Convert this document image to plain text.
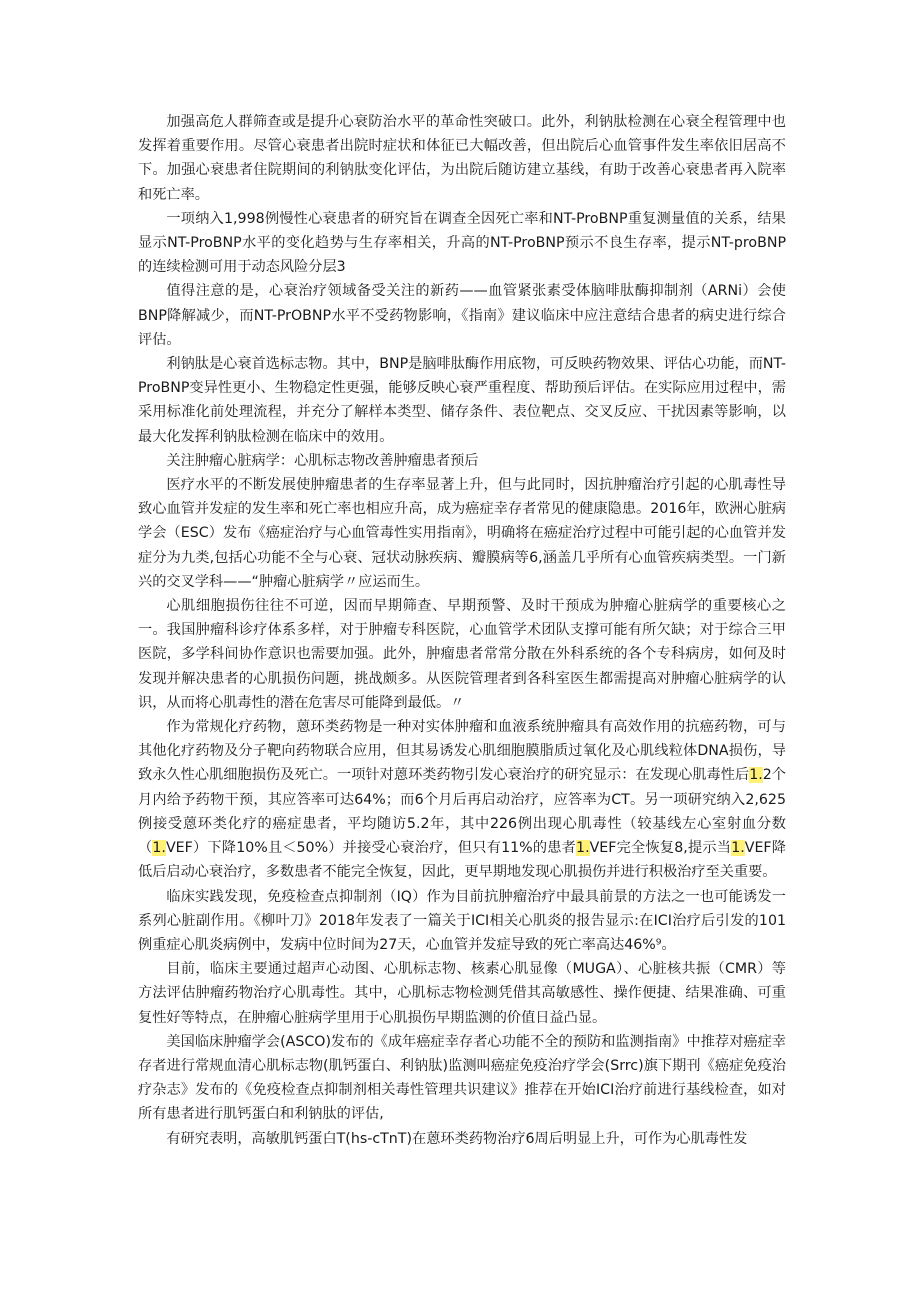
加强高危人群筛查或是提升心衰防治水平的革命性突破口。此外，利钠肽检测在心衰全程管理中也发挥着重要作用。尽管心衰患者出院时症状和体征已大幅改善，但出院后心血管事件发生率依旧居高不下。加强心衰患者住院期间的利钠肽变化评估，为出院后随访建立基线，有助于改善心衰患者再入院率和死亡率。

一项纳入1,998例慢性心衰患者的研究旨在调查全因死亡率和NT-ProBNP重复测量值的关系，结果显示NT-ProBNP水平的变化趋势与生存率相关，升高的NT-ProBNP预示不良生存率，提示NT-proBNP的连续检测可用于动态风险分层3

值得注意的是，心衰治疗领域备受关注的新药——血管紧张素受体脑啡肽酶抑制剂（ARNi）会使BNP降解减少，而NT-PrOBNP水平不受药物影响，《指南》建议临床中应注意结合患者的病史进行综合评估。

利钠肽是心衰首选标志物。其中，BNP是脑啡肽酶作用底物，可反映药物效果、评估心功能，而NT-ProBNP变异性更小、生物稳定性更强，能够反映心衰严重程度、帮助预后评估。在实际应用过程中，需采用标准化前处理流程，并充分了解样本类型、储存条件、表位靶点、交叉反应、干扰因素等影响，以最大化发挥利钠肽检测在临床中的效用。

关注肿瘤心脏病学：心肌标志物改善肿瘤患者预后

医疗水平的不断发展使肿瘤患者的生存率显著上升，但与此同时，因抗肿瘤治疗引起的心肌毒性导致心血管并发症的发生率和死亡率也相应升高，成为癌症幸存者常见的健康隐患。2016年，欧洲心脏病学会（ESC）发布《癌症治疗与心血管毒性实用指南》，明确将在癌症治疗过程中可能引起的心血管并发症分为九类,包括心功能不全与心衰、冠状动脉疾病、瓣膜病等6,涵盖几乎所有心血管疾病类型。一门新兴的交叉学科——“肿瘤心脏病学〃应运而生。

心肌细胞损伤往往不可逆，因而早期筛查、早期预警、及时干预成为肿瘤心脏病学的重要核心之一。我国肿瘤科诊疗体系多样，对于肿瘤专科医院，心血管学术团队支撑可能有所欠缺；对于综合三甲医院，多学科间协作意识也需要加强。此外，肿瘤患者常常分散在外科系统的各个专科病房，如何及时发现并解决患者的心肌损伤问题，挑战颇多。从医院管理者到各科室医生都需提高对肿瘤心脏病学的认识，从而将心肌毒性的潜在危害尽可能降到最低。〃

作为常规化疗药物，蒽环类药物是一种对实体肿瘤和血液系统肿瘤具有高效作用的抗癌药物，可与其他化疗药物及分子靶向药物联合应用，但其易诱发心肌细胞膜脂质过氧化及心肌线粒体DNA损伤，导致永久性心肌细胞损伤及死亡。一项针对蒽环类药物引发心衰治疗的研究显示：在发现心肌毒性后1.2个月内给予药物干预，其应答率可达64%；而6个月后再启动治疗，应答率为CT。另一项研究纳入2,625例接受蒽环类化疗的癌症患者，平均随访5.2年，其中226例出现心肌毒性（较基线左心室射血分数（1.VEF）下降10%且＜50%）并接受心衰治疗，但只有11%的患者1.VEF完全恢复8,提示当1.VEF降低后启动心衰治疗，多数患者不能完全恢复，因此，更早期地发现心肌损伤并进行积极治疗至关重要。

临床实践发现，免疫检查点抑制剂（IQ）作为目前抗肿瘤治疗中最具前景的方法之一也可能诱发一系列心脏副作用。《柳叶刀》2018年发表了一篇关于ICI相关心肌炎的报告显示:在ICI治疗后引发的101例重症心肌炎病例中，发病中位时间为27天，心血管并发症导致的死亡率高达46%⁹。

目前，临床主要通过超声心动图、心肌标志物、核素心肌显像（MUGA）、心脏核共振（CMR）等方法评估肿瘤药物治疗心肌毒性。其中，心肌标志物检测凭借其高敏感性、操作便捷、结果准确、可重复性好等特点，在肿瘤心脏病学里用于心肌损伤早期监测的价值日益凸显。

美国临床肿瘤学会(ASCO)发布的《成年癌症幸存者心功能不全的预防和监测指南》中推荐对癌症幸存者进行常规血清心肌标志物(肌钙蛋白、利钠肽)监测叫癌症免疫治疗学会(Srrc)旗下期刊《癌症免疫治疗杂志》发布的《免疫检查点抑制剂相关毒性管理共识建议》推荐在开始ICI治疗前进行基线检查，如对所有患者进行肌钙蛋白和利钠肽的评估,

有研究表明，高敏肌钙蛋白T(hs-cTnT)在蒽环类药物治疗6周后明显上升，可作为心肌毒性发
